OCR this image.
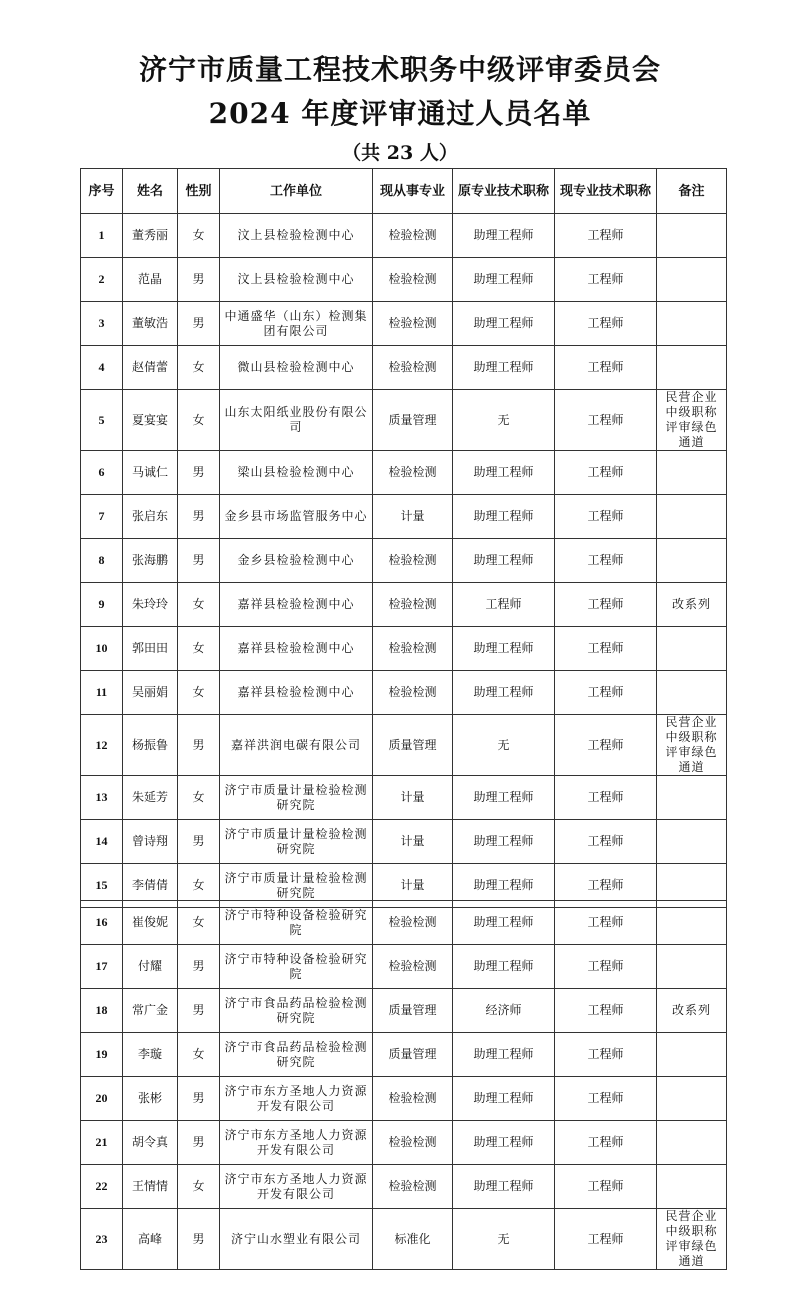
济宁市质量工程技术职务中级评审委员会
2024 年度评审通过人员名单
（共 23 人）
序号	姓名	性别	工作单位	现从事专业	原专业技术职称	现专业技术职称	备注
1	董秀丽	女	汶上县检验检测中心	检验检测	助理工程师	工程师	
2	范晶	男	汶上县检验检测中心	检验检测	助理工程师	工程师	
3	董敏浩	男	中通盛华（山东）检测集团有限公司	检验检测	助理工程师	工程师	
4	赵倩蕾	女	微山县检验检测中心	检验检测	助理工程师	工程师	
5	夏宴宴	女	山东太阳纸业股份有限公司	质量管理	无	工程师	民营企业中级职称评审绿色通道
6	马诚仁	男	梁山县检验检测中心	检验检测	助理工程师	工程师	
7	张启东	男	金乡县市场监管服务中心	计量	助理工程师	工程师	
8	张海鹏	男	金乡县检验检测中心	检验检测	助理工程师	工程师	
9	朱玲玲	女	嘉祥县检验检测中心	检验检测	工程师	工程师	改系列
10	郭田田	女	嘉祥县检验检测中心	检验检测	助理工程师	工程师	
11	吴丽娟	女	嘉祥县检验检测中心	检验检测	助理工程师	工程师	
12	杨振鲁	男	嘉祥洪润电碳有限公司	质量管理	无	工程师	民营企业中级职称评审绿色通道
13	朱延芳	女	济宁市质量计量检验检测研究院	计量	助理工程师	工程师	
14	曾诗翔	男	济宁市质量计量检验检测研究院	计量	助理工程师	工程师	
15	李倩倩	女	济宁市质量计量检验检测研究院	计量	助理工程师	工程师	
16	崔俊妮	女	济宁市特种设备检验研究院	检验检测	助理工程师	工程师	
17	付耀	男	济宁市特种设备检验研究院	检验检测	助理工程师	工程师	
18	常广金	男	济宁市食品药品检验检测研究院	质量管理	经济师	工程师	改系列
19	李璇	女	济宁市食品药品检验检测研究院	质量管理	助理工程师	工程师	
20	张彬	男	济宁市东方圣地人力资源开发有限公司	检验检测	助理工程师	工程师	
21	胡令真	男	济宁市东方圣地人力资源开发有限公司	检验检测	助理工程师	工程师	
22	王情情	女	济宁市东方圣地人力资源开发有限公司	检验检测	助理工程师	工程师	
23	高峰	男	济宁山水塑业有限公司	标准化	无	工程师	民营企业中级职称评审绿色通道
